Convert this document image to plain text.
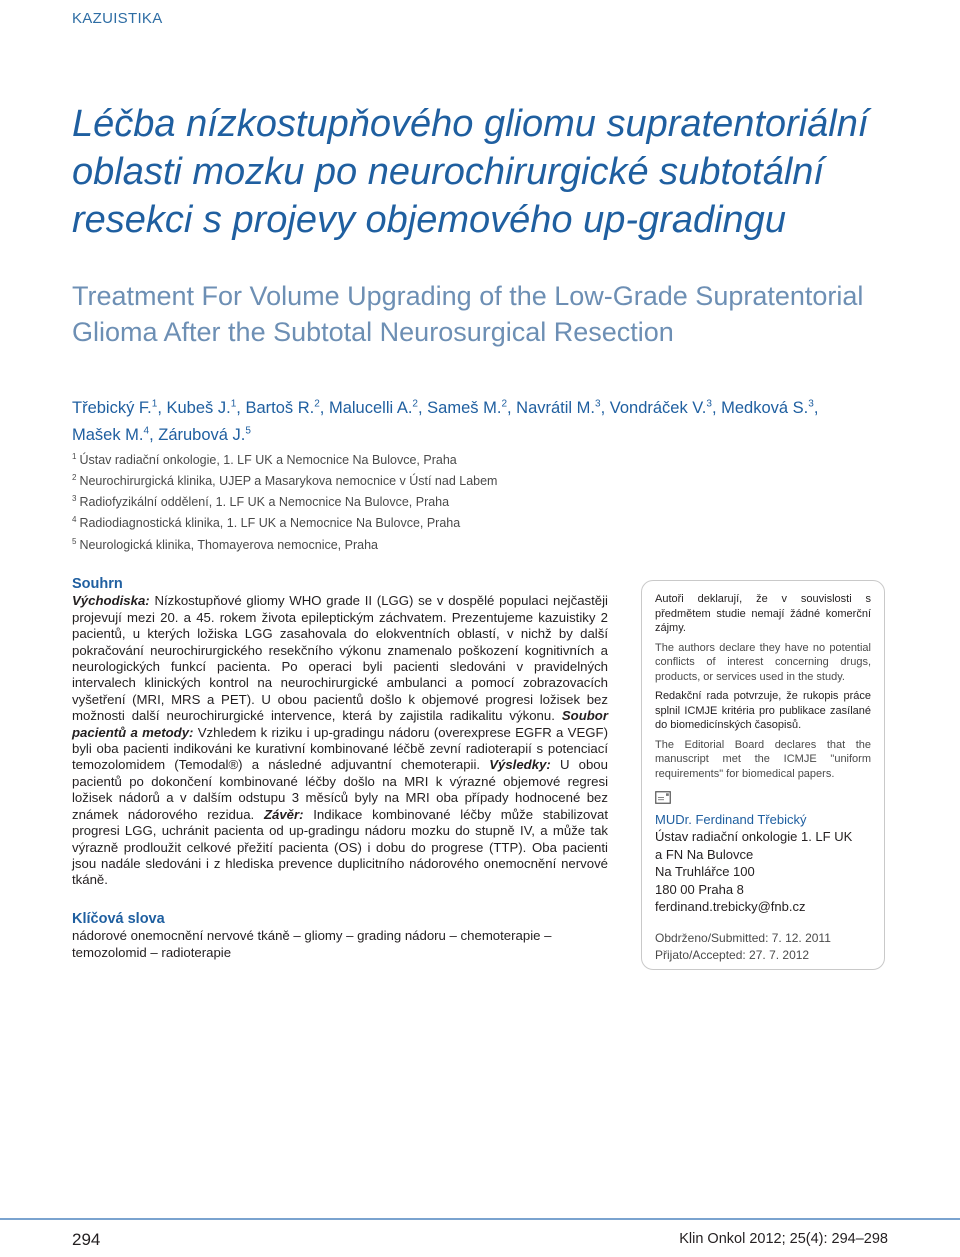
KAZUISTIKA
Léčba nízkostupňového gliomu supratentoriální
oblasti mozku po neurochirurgické subtotální
resekci s projevy objemového up-gradingu
Treatment For Volume Upgrading of the Low-Grade Supratentorial
Glioma After the Subtotal Neurosurgical Resection
Třebický F.$^1$, Kubeš J.$^1$, Bartoš R.$^2$, Malucelli A.$^2$, Sameš M.$^2$, Navrátil M.$^3$, Vondráček V.$^3$, Medková S.$^3$,
Mašek M.$^4$, Zárubová J.$^5$
$^1$ Ústav radiační onkologie, 1. LF UK a Nemocnice Na Bulovce, Praha
$^2$ Neurochirurgická klinika, UJEP a Masarykova nemocnice v Ústí nad Labem
$^3$ Radiofyzikální oddělení, 1. LF UK a Nemocnice Na Bulovce, Praha
$^4$ Radiodiagnostická klinika, 1. LF UK a Nemocnice Na Bulovce, Praha
$^5$ Neurologická klinika, Thomayerova nemocnice, Praha
Souhrn
Východiska: Nízkostupňové gliomy WHO grade II (LGG) se v dospělé populaci nejčastěji projevují mezi 20. a 45. rokem života epileptickým záchvatem. Prezentujeme kazuistiky 2 pacientů, u kterých ložiska LGG zasahovala do elokventních oblastí, v nichž by další pokračování neurochirurgického resekčního výkonu znamenalo poškození kognitivních a neurologických funkcí pacienta. Po operaci byli pacienti sledováni v pravidelných intervalech klinických kontrol na neurochirurgické ambulanci a pomocí zobrazovacích vyšetření (MRI, MRS a PET). U obou pacientů došlo k objemové progresi ložisek bez možnosti další neurochirurgické intervence, která by zajistila radikalitu výkonu. Soubor pacientů a metody: Vzhledem k riziku i up-gradingu nádoru (overexprese EGFR a VEGF) byli oba pacienti indikováni ke kurativní kombinované léčbě zevní radioterapií s potenciací temozolomidem (Temodal®) a následné adjuvantní chemoterapii. Výsledky: U obou pacientů po dokončení kombinované léčby došlo na MRI k výrazné objemové regresi ložisek nádorů a v dalším odstupu 3 měsíců byly na MRI oba případy hodnocené bez známek nádorového rezidua. Závěr: Indikace kombinované léčby může stabilizovat progresi LGG, uchránit pacienta od up-gradingu nádoru mozku do stupně IV, a může tak výrazně prodloužit celkové přežití pacienta (OS) i dobu do progrese (TTP). Oba pacienti jsou nadále sledováni i z hlediska prevence duplicitního nádorového onemocnění nervové tkáně.
Klíčová slova
nádorové onemocnění nervové tkáně – gliomy – grading nádoru – chemoterapie – temozolomid – radioterapie

Autoři deklarují, že v souvislosti s předmětem studie nemají žádné komerční zájmy.

The authors declare they have no potential conflicts of interest concerning drugs, products, or services used in the study.

Redakční rada potvrzuje, že rukopis práce splnil ICMJE kritéria pro publikace zasílané do biomedicínských časopisů.

The Editorial Board declares that the manuscript met the ICMJE "uniform requirements" for biomedical papers.

MUDr. Ferdinand Třebický
Ústav radiační onkologie 1. LF UK
a FN Na Bulovce
Na Truhlářce 100
180 00 Praha 8
ferdinand.trebicky@fnb.cz
Obdrženo/Submitted: 7. 12. 2011
Přijato/Accepted: 27. 7. 2012
294	Klin Onkol 2012; 25(4): 294–298
